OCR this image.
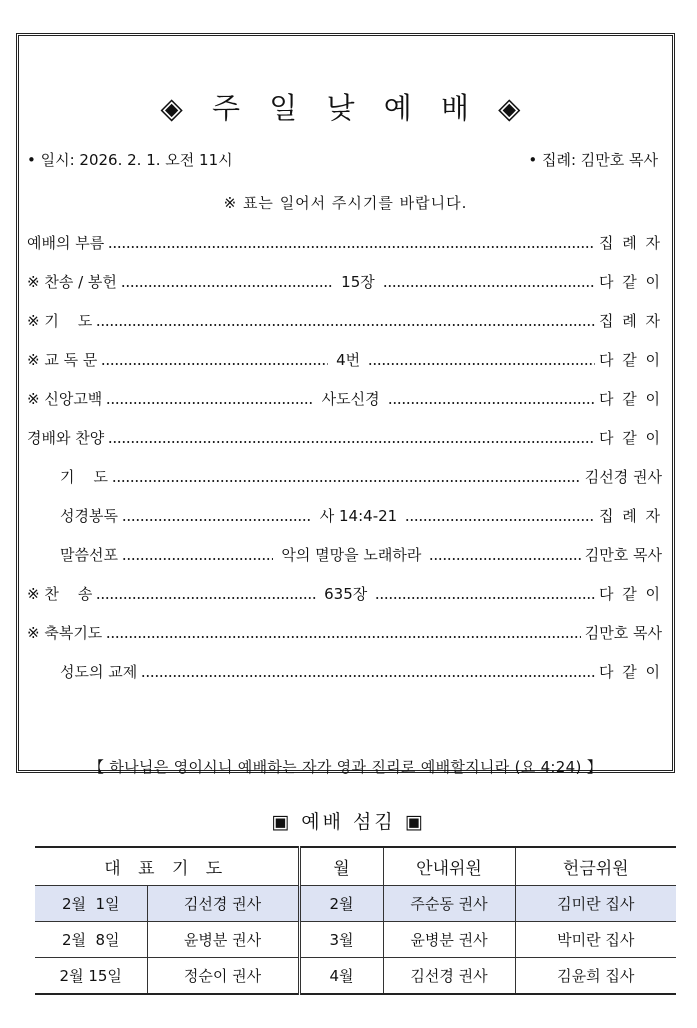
◈ 주 일 낮 예 배 ◈
• 일시: 2026. 2. 1. 오전 11시	• 집례: 김만호 목사
※ 표는 일어서 주시기를 바랍니다.
예배의 부름	집 례 자
※ 찬송 / 봉헌	15장	다 같 이
※ 기    도	집 례 자
※ 교 독 문	4번	다 같 이
※ 신앙고백	사도신경	다 같 이
경배와 찬양	다 같 이
기    도	김선경 권사
성경봉독	사 14:4-21	집 례 자
말씀선포	악의 멸망을 노래하라	김만호 목사
※ 찬    송	635장	다 같 이
※ 축복기도	김만호 목사
성도의 교제	다 같 이
【 하나님은 영이시니 예배하는 자가 영과 진리로 예배할지니라 (요 4:24) 】
▣ 예배 섬김 ▣
대 표 기 도		월	안내위원	헌금위원
2월  1일	김선경 권사	2월	주순동 권사	김미란 집사
2월  8일	윤병분 권사	3월	윤병분 권사	박미란 집사
2월 15일	정순이 권사	4월	김선경 권사	김윤희 집사
